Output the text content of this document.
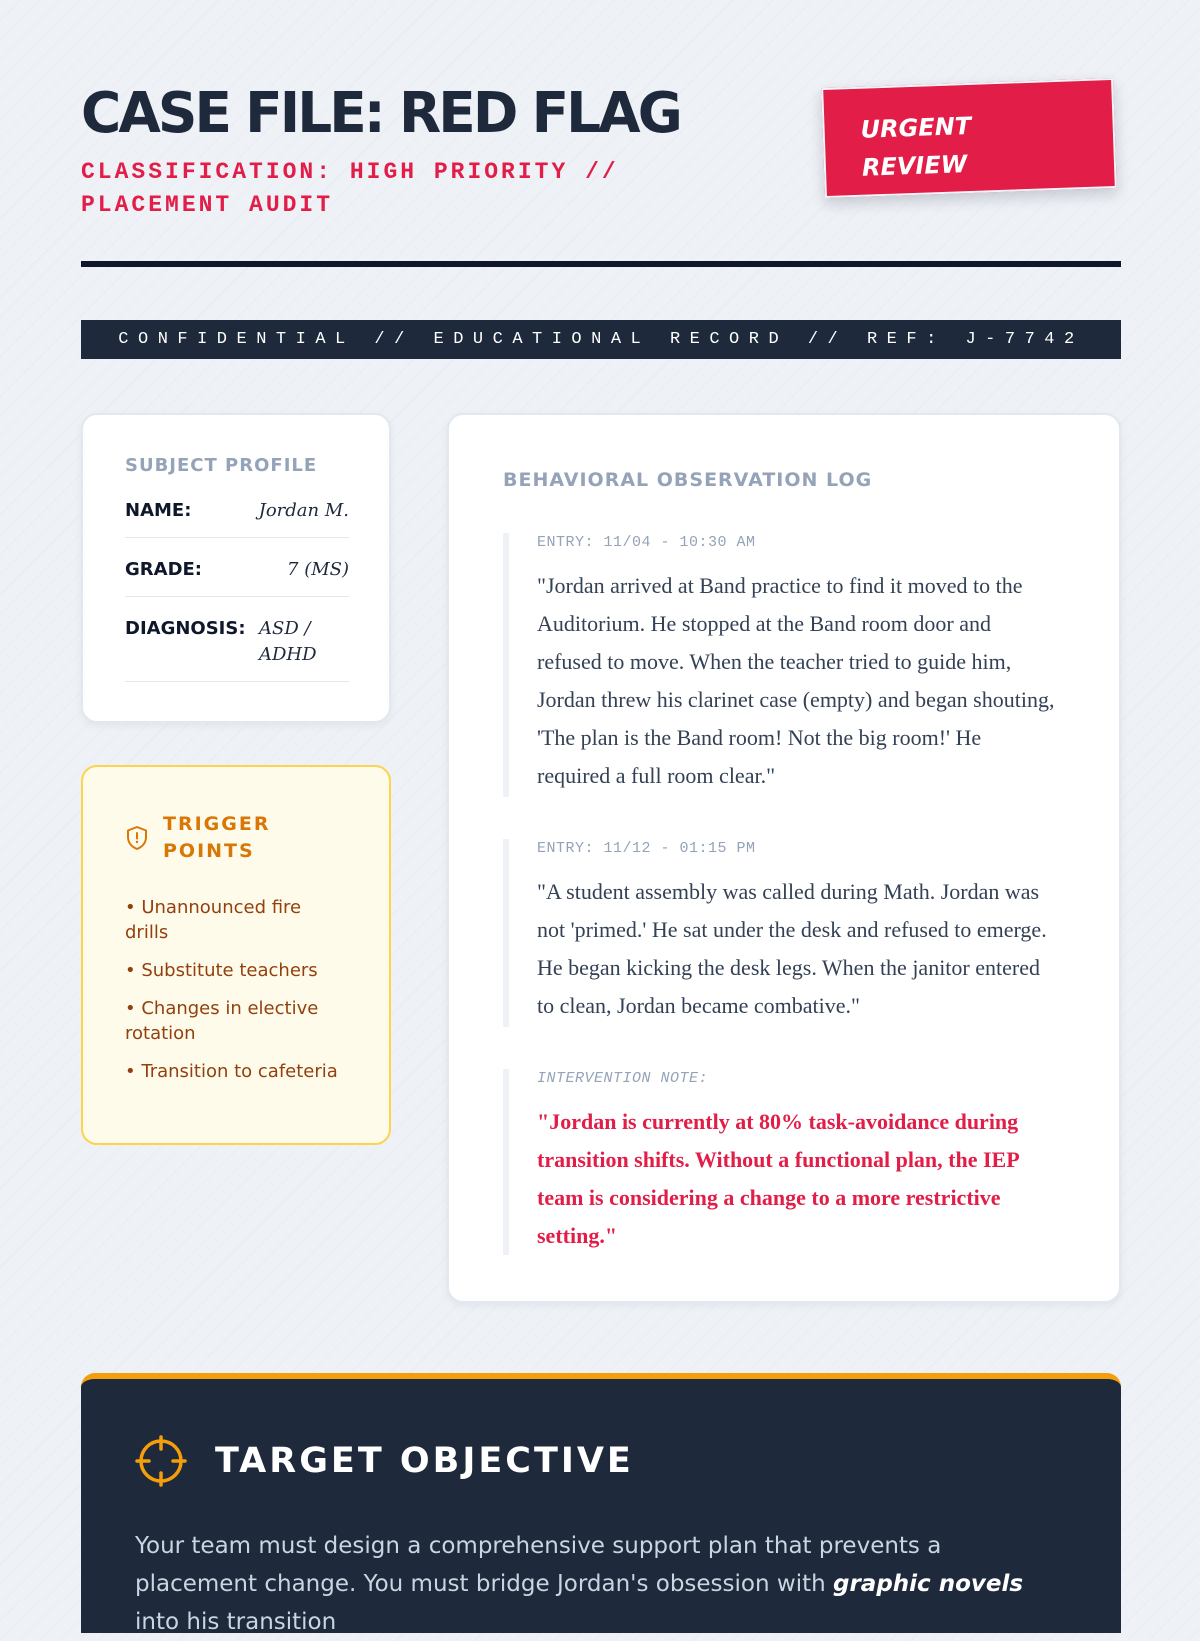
CASE FILE: RED FLAG
CLASSIFICATION: HIGH PRIORITY // PLACEMENT AUDIT
URGENT REVIEW
CONFIDENTIAL // EDUCATIONAL RECORD // REF: J-7742
SUBJECT PROFILE
NAME:	Jordan M.
GRADE:	7 (MS)
DIAGNOSIS: ASD / ADHD
TRIGGER POINTS
• Unannounced fire drills
• Substitute teachers
• Changes in elective rotation
• Transition to cafeteria
BEHAVIORAL OBSERVATION LOG
ENTRY: 11/04 - 10:30 AM
"Jordan arrived at Band practice to find it moved to the Auditorium. He stopped at the Band room door and refused to move. When the teacher tried to guide him, Jordan threw his clarinet case (empty) and began shouting, 'The plan is the Band room! Not the big room!' He required a full room clear."
ENTRY: 11/12 - 01:15 PM
"A student assembly was called during Math. Jordan was not 'primed.' He sat under the desk and refused to emerge. He began kicking the desk legs. When the janitor entered to clean, Jordan became combative."
INTERVENTION NOTE:
"Jordan is currently at 80% task-avoidance during transition shifts. Without a functional plan, the IEP team is considering a change to a more restrictive setting."
TARGET OBJECTIVE

Your team must design a comprehensive support plan that prevents a placement change. You must bridge Jordan's obsession with graphic novels into his transition
